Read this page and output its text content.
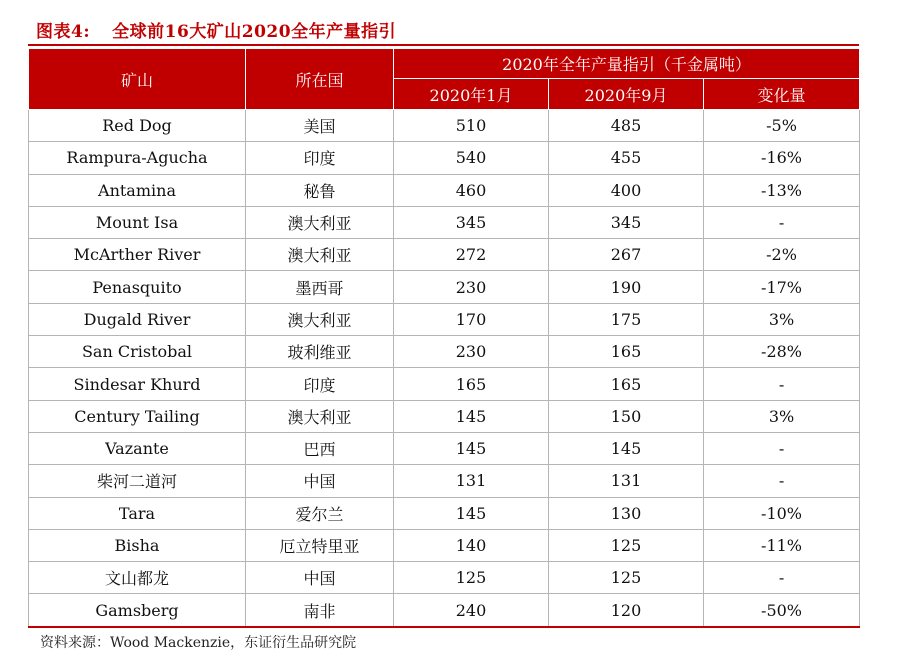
图表4: 全球前16大矿山2020全年产量指引
矿山	所在国	2020年全年产量指引（千金属吨）		
		2020年1月	2020年9月	变化量
Red Dog	美国	510	485	-5%
Rampura-Agucha	印度	540	455	-16%
Antamina	秘鲁	460	400	-13%
Mount Isa	澳大利亚	345	345	-
McArther River	澳大利亚	272	267	-2%
Penasquito	墨西哥	230	190	-17%
Dugald River	澳大利亚	170	175	3%
San Cristobal	玻利维亚	230	165	-28%
Sindesar Khurd	印度	165	165	-
Century Tailing	澳大利亚	145	150	3%
Vazante	巴西	145	145	-
柴河二道河	中国	131	131	-
Tara	爱尔兰	145	130	-10%
Bisha	厄立特里亚	140	125	-11%
文山都龙	中国	125	125	-
Gamsberg	南非	240	120	-50%
资料来源：Wood Mackenzie，东证衍生品研究院
